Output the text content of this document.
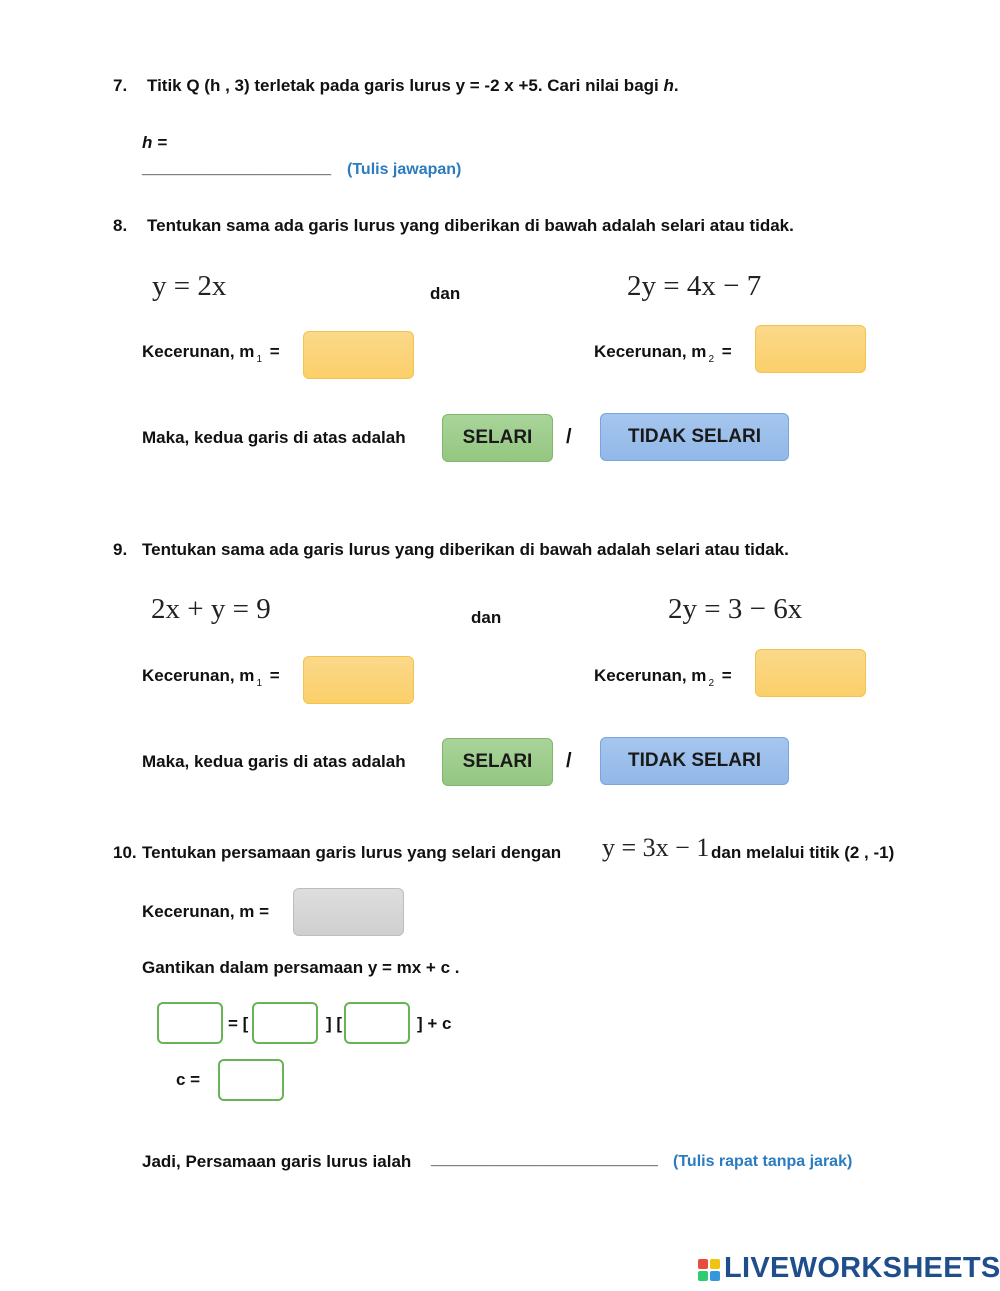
7. Titik Q (h , 3) terletak pada garis lurus y = -2 x +5. Cari nilai bagi h.
h =
____________________ (Tulis jawapan)
8. Tentukan sama ada garis lurus yang diberikan di bawah adalah selari atau tidak.
y = 2x	dan	2y = 4x − 7
Kecerunan, m $_1$ =	Kecerunan, m $_2$ =
Maka, kedua garis di atas adalah	SELARI	/	TIDAK SELARI
9. Tentukan sama ada garis lurus yang diberikan di bawah adalah selari atau tidak.
2x + y = 9	dan	2y = 3 − 6x
Kecerunan, m $_1$ =	Kecerunan, m $_2$ =
Maka, kedua garis di atas adalah	SELARI	/	TIDAK SELARI
10. Tentukan persamaan garis lurus yang selari dengan y = 3x − 1 dan melalui titik (2 , -1)
Kecerunan, m =
Gantikan dalam persamaan y = mx + c .
= [	] [	] + c
c =
Jadi, Persamaan garis lurus ialah ________________________ (Tulis rapat tanpa jarak)
LIVEWORKSHEETS
